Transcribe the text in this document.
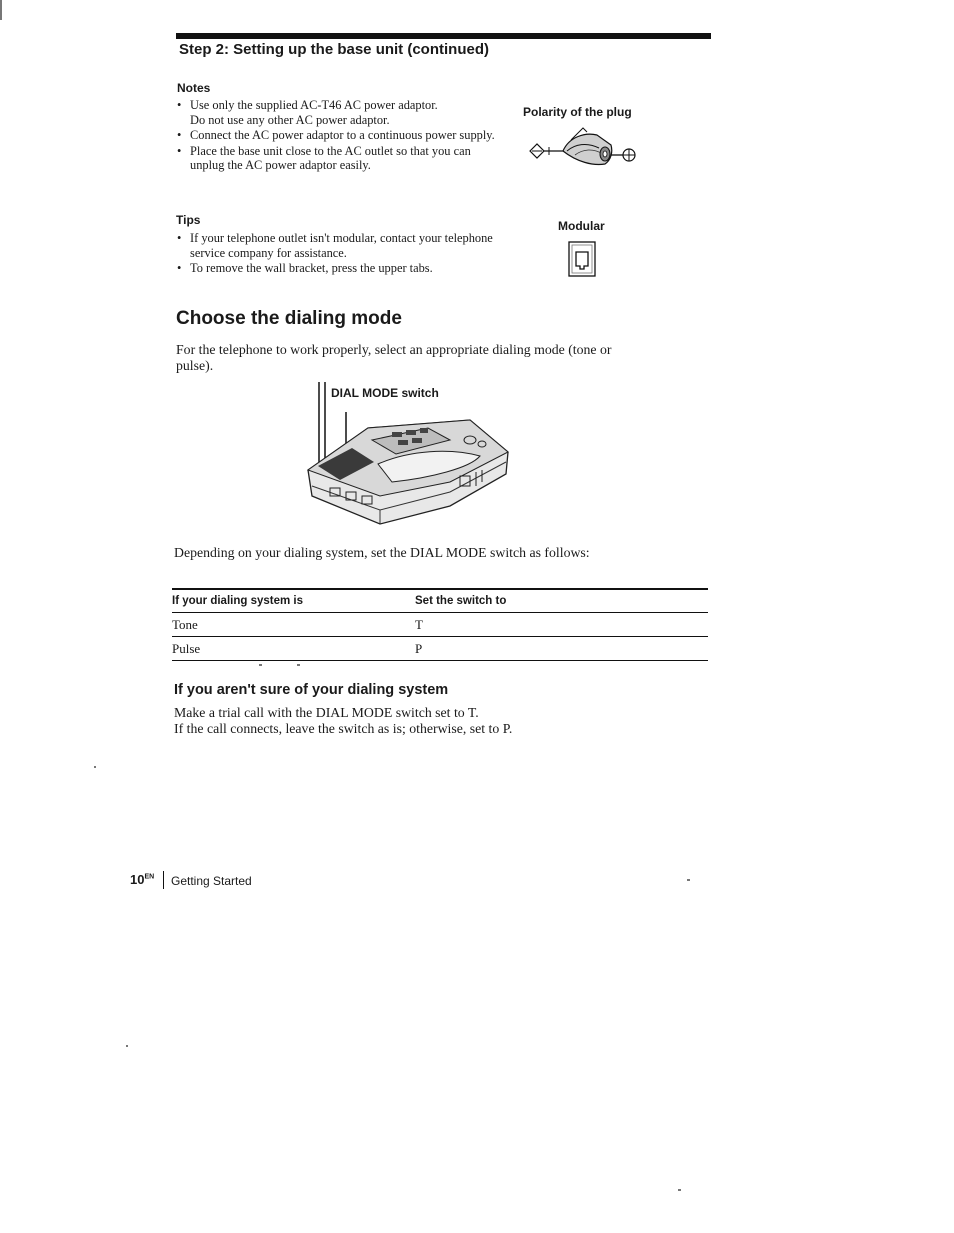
Step 2: Setting up the base unit (continued)
Notes
• Use only the supplied AC-T46 AC power adaptor.
Do not use any other AC power adaptor.
• Connect the AC power adaptor to a continuous power supply.
• Place the base unit close to the AC outlet so that you can unplug the AC power adaptor easily.
Polarity of the plug
Tips
• If your telephone outlet isn't modular, contact your telephone service company for assistance.
• To remove the wall bracket, press the upper tabs.
Modular
Choose the dialing mode
For the telephone to work properly, select an appropriate dialing mode (tone or pulse).
DIAL MODE switch
Depending on your dialing system, set the DIAL MODE switch as follows:
If your dialing system is	Set the switch to
Tone	T
Pulse	P
If you aren't sure of your dialing system
Make a trial call with the DIAL MODE switch set to T.
If the call connects, leave the switch as is; otherwise, set to P.
10$^{EN}$ Getting Started
